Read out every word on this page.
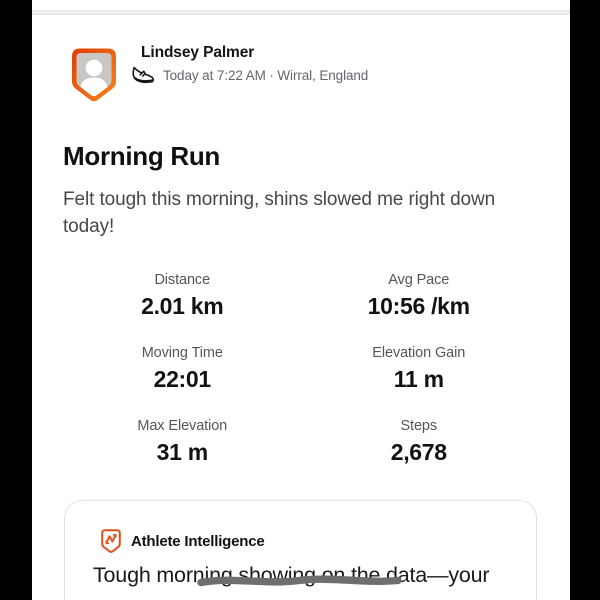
Lindsey Palmer
Today at 7:22 AM · Wirral, England
Morning Run
Felt tough this morning, shins slowed me right down
today!
Distance
2.01 km
Avg Pace
10:56 /km
Moving Time
22:01
Elevation Gain
11 m
Max Elevation
31 m
Steps
2,678
Athlete Intelligence
Tough morning showing on the data—your
